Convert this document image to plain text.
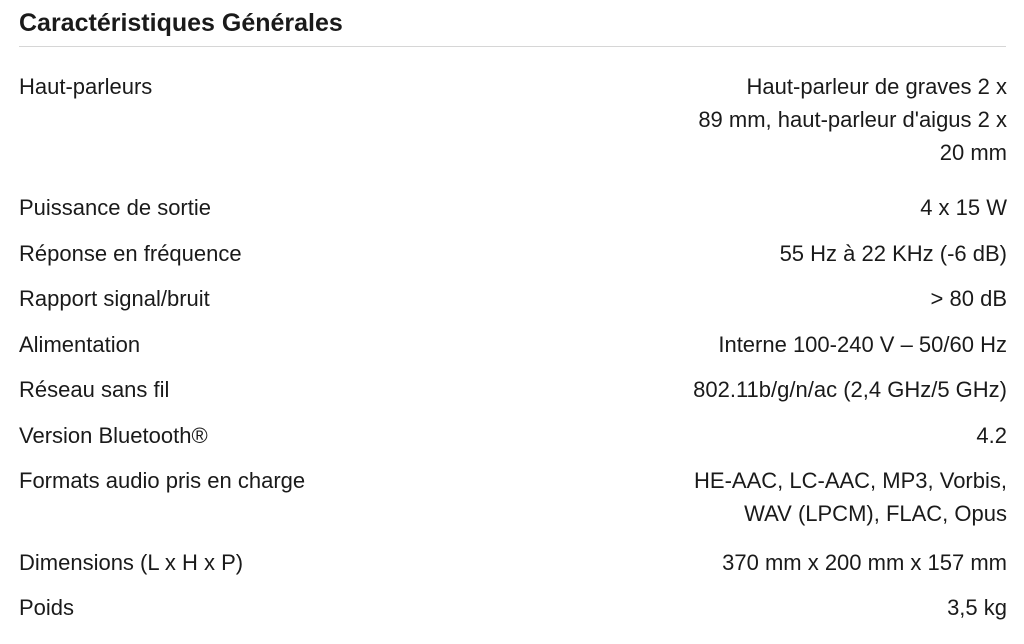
Caractéristiques Générales
Haut-parleurs	Haut-parleur de graves 2 x
89 mm, haut-parleur d'aigus 2 x
20 mm
Puissance de sortie	4 x 15 W
Réponse en fréquence	55 Hz à 22 KHz (-6 dB)
Rapport signal/bruit	> 80 dB
Alimentation	Interne 100-240 V – 50/60 Hz
Réseau sans fil	802.11b/g/n/ac (2,4 GHz/5 GHz)
Version Bluetooth®	4.2
Formats audio pris en charge	HE-AAC, LC-AAC, MP3, Vorbis,
WAV (LPCM), FLAC, Opus
Dimensions (L x H x P)	370 mm x 200 mm x 157 mm
Poids	3,5 kg
